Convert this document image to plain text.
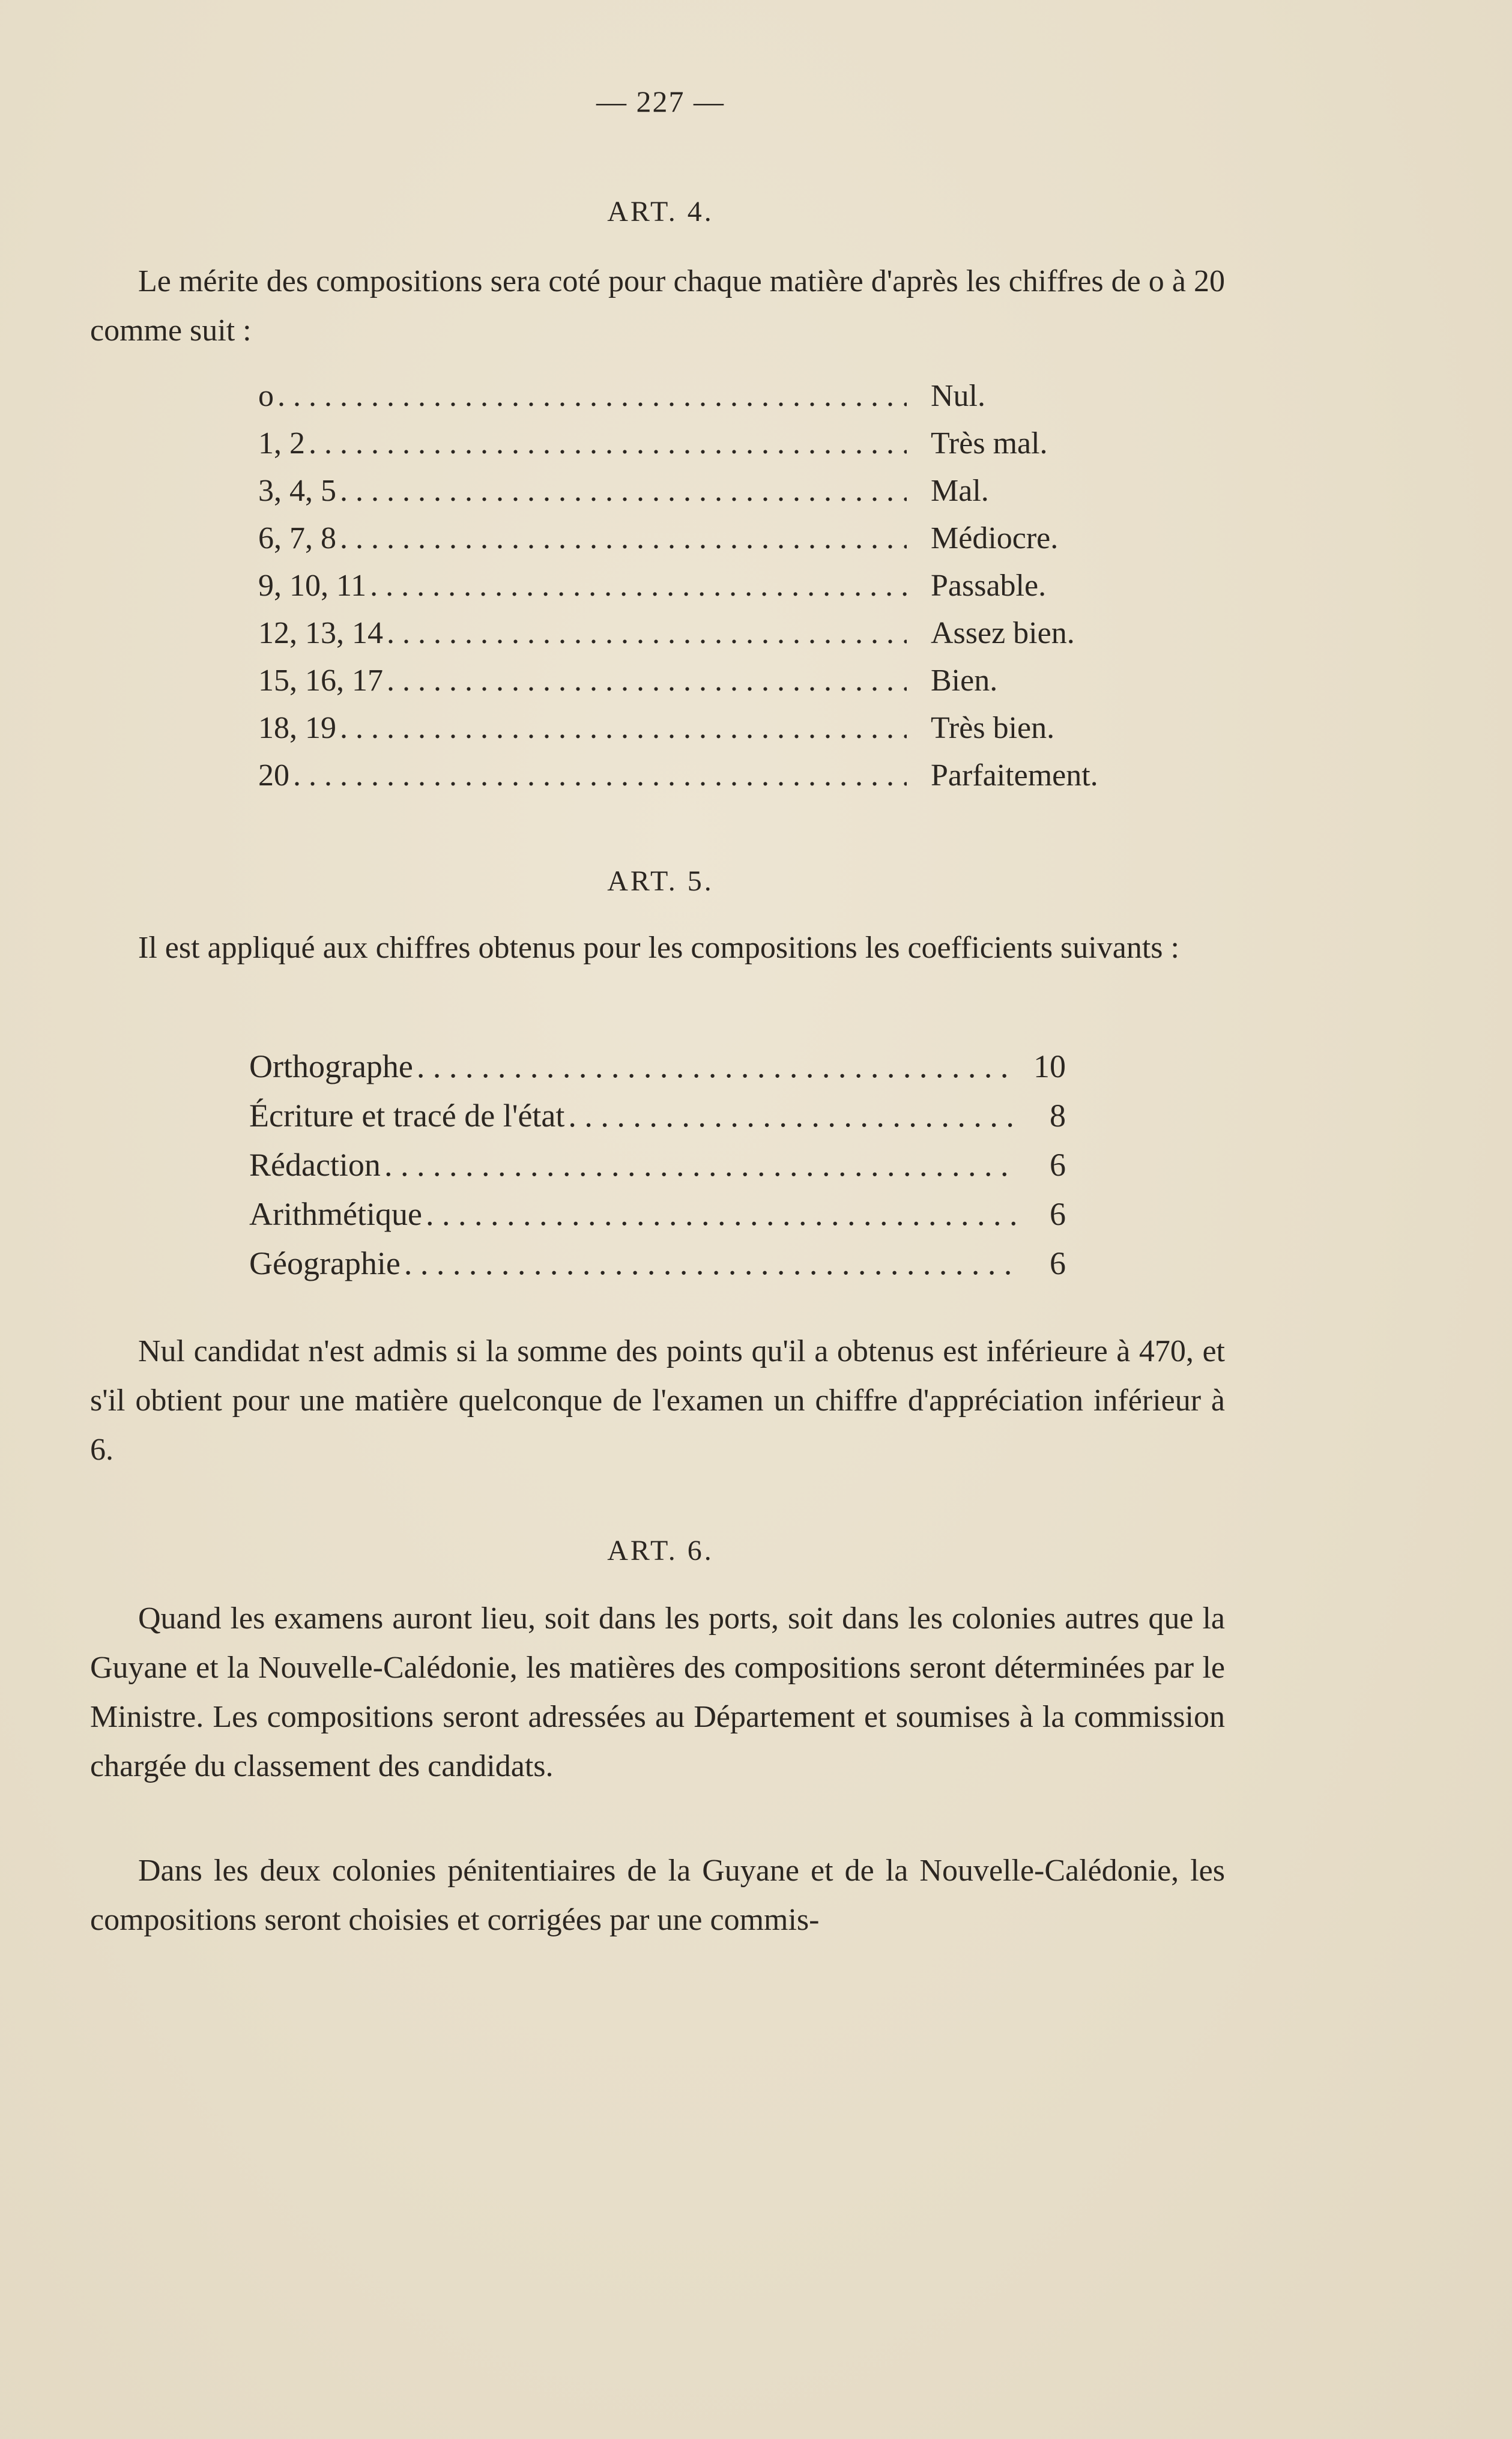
— 227 —
ART. 4.
Le mérite des compositions sera coté pour chaque matière d'après les chiffres de o à 20 comme suit :
o . . .	Nul.
1, 2 . . .	Très mal.
3, 4, 5 . . .	Mal.
6, 7, 8 . . .	Médiocre.
9, 10, 11 . . .	Passable.
12, 13, 14 . . .	Assez bien.
15, 16, 17 . . .	Bien.
18, 19 . . .	Très bien.
20 . . .	Parfaitement.
ART. 5.
Il est appliqué aux chiffres obtenus pour les compositions les coefficients suivants :
Orthographe . . .	10
Écriture et tracé de l'état . . .	8
Rédaction . . .	6
Arithmétique . . .	6
Géographie . . .	6
Nul candidat n'est admis si la somme des points qu'il a obtenus est inférieure à 470, et s'il obtient pour une matière quelconque de l'examen un chiffre d'appréciation inférieur à 6.
ART. 6.
Quand les examens auront lieu, soit dans les ports, soit dans les colonies autres que la Guyane et la Nouvelle-Calédonie, les matières des compositions seront déterminées par le Ministre. Les compositions seront adressées au Département et soumises à la commission chargée du classement des candidats.
Dans les deux colonies pénitentiaires de la Guyane et de la Nouvelle-Calédonie, les compositions seront choisies et corrigées par une commis-
